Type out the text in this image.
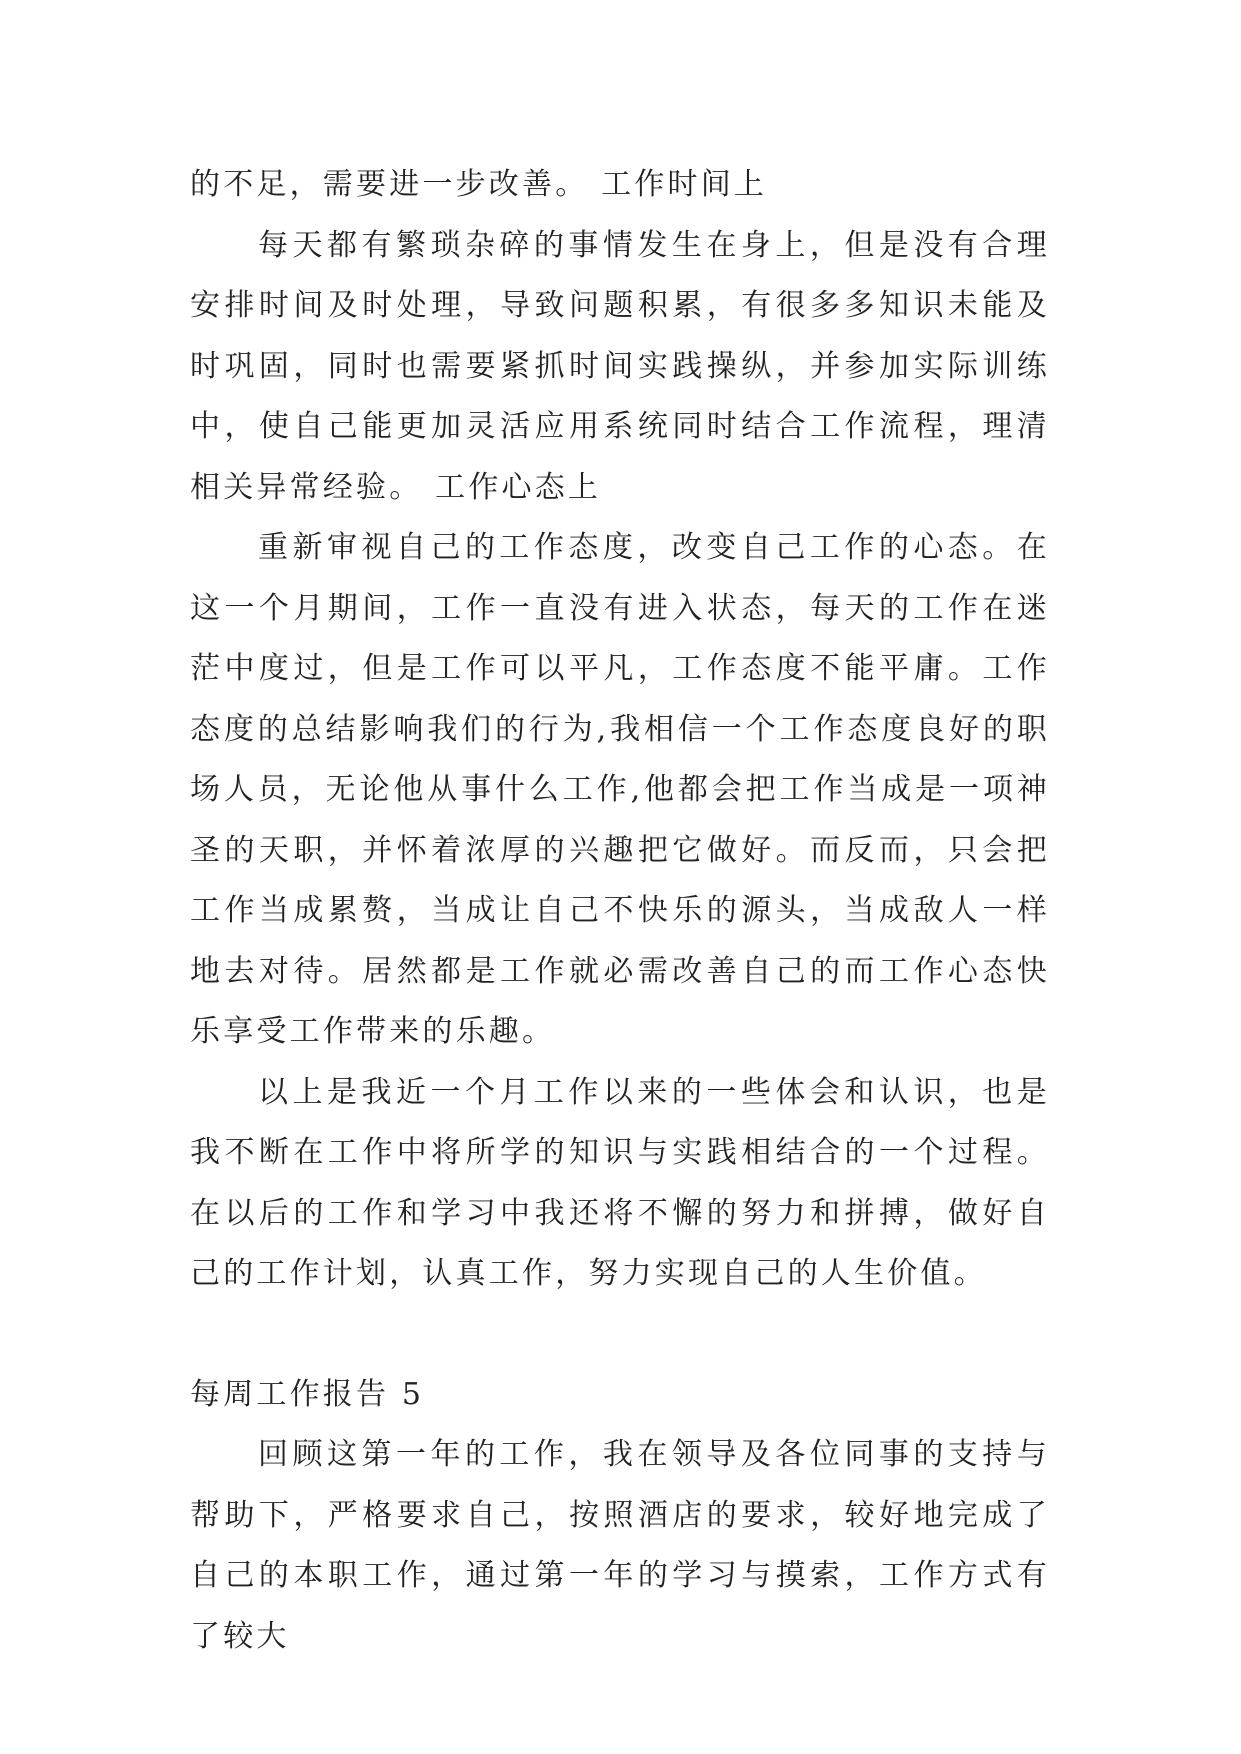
的不足，需要进一步改善。 工作时间上

每天都有繁琐杂碎的事情发生在身上，但是没有合理安排时间及时处理，导致问题积累，有很多多知识未能及时巩固，同时也需要紧抓时间实践操纵，并参加实际训练中，使自己能更加灵活应用系统同时结合工作流程，理清相关异常经验。 工作心态上

重新审视自己的工作态度，改变自己工作的心态。在这一个月期间，工作一直没有进入状态，每天的工作在迷茫中度过，但是工作可以平凡，工作态度不能平庸。工作态度的总结影响我们的行为,我相信一个工作态度良好的职场人员，无论他从事什么工作,他都会把工作当成是一项神圣的天职，并怀着浓厚的兴趣把它做好。而反而，只会把工作当成累赘，当成让自己不快乐的源头，当成敌人一样地去对待。居然都是工作就必需改善自己的而工作心态快乐享受工作带来的乐趣。

以上是我近一个月工作以来的一些体会和认识，也是我不断在工作中将所学的知识与实践相结合的一个过程。在以后的工作和学习中我还将不懈的努力和拼搏，做好自己的工作计划，认真工作，努力实现自己的人生价值。

每周工作报告 5

回顾这第一年的工作，我在领导及各位同事的支持与帮助下，严格要求自己，按照酒店的要求，较好地完成了自己的本职工作，通过第一年的学习与摸索，工作方式有了较大
